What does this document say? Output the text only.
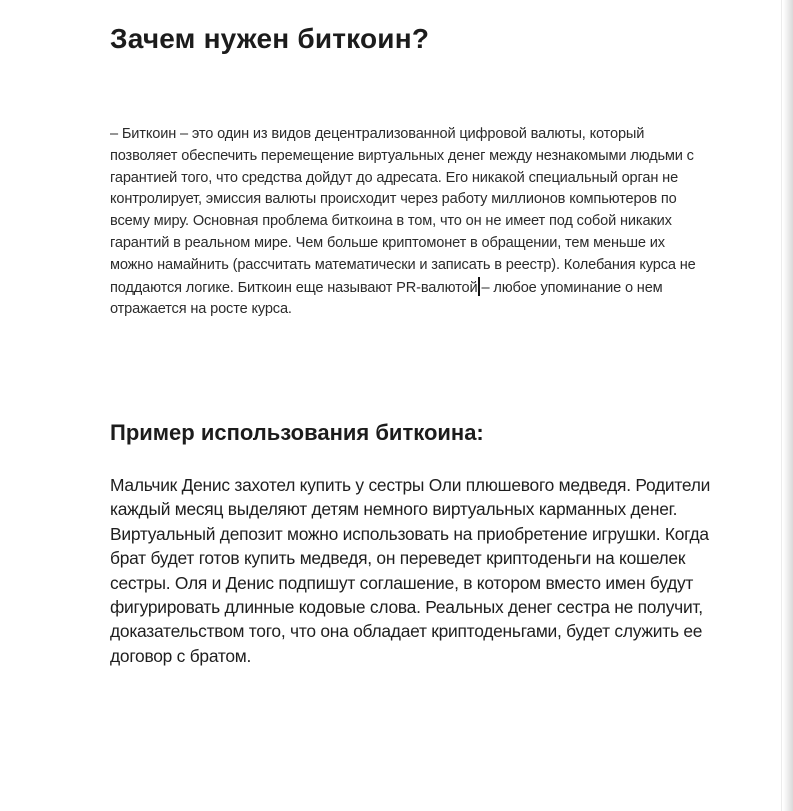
Зачем нужен биткоин?

– Биткоин – это один из видов децентрализованной цифровой валюты, который позволяет обеспечить перемещение виртуальных денег между незнакомыми людьми с гарантией того, что средства дойдут до адресата. Его никакой специальный орган не контролирует, эмиссия валюты происходит через работу миллионов компьютеров по всему миру. Основная проблема биткоина в том, что он не имеет под собой никаких гарантий в реальном мире. Чем больше криптомонет в обращении, тем меньше их можно намайнить (рассчитать математически и записать в реестр). Колебания курса не поддаются логике. Биткоин еще называют PR-валютой – любое упоминание о нем отражается на росте курса.

Пример использования биткоина:

Мальчик Денис захотел купить у сестры Оли плюшевого медведя. Родители каждый месяц выделяют детям немного виртуальных карманных денег. Виртуальный депозит можно использовать на приобретение игрушки. Когда брат будет готов купить медведя, он переведет криптоденьги на кошелек сестры. Оля и Денис подпишут соглашение, в котором вместо имен будут фигурировать длинные кодовые слова. Реальных денег сестра не получит, доказательством того, что она обладает криптоденьгами, будет служить ее договор с братом.
